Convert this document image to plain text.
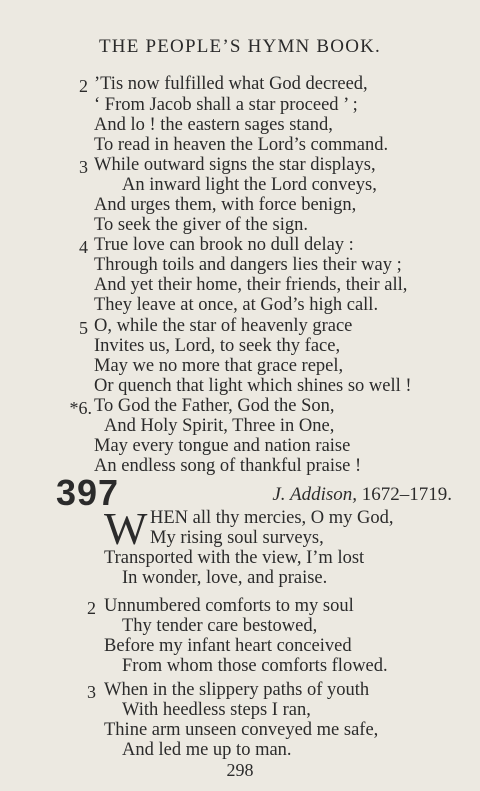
THE PEOPLE’S HYMN BOOK.
2 ’Tis now fulfilled what God decreed,
‘ From Jacob shall a star proceed ’ ;
And lo ! the eastern sages stand,
To read in heaven the Lord’s command.
3 While outward signs the star displays,
An inward light the Lord conveys,
And urges them, with force benign,
To seek the giver of the sign.
4 True love can brook no dull delay :
Through toils and dangers lies their way ;
And yet their home, their friends, their all,
They leave at once, at God’s high call.
5 O, while the star of heavenly grace
Invites us, Lord, to seek thy face,
May we no more that grace repel,
Or quench that light which shines so well !
*6. To God the Father, God the Son,
And Holy Spirit, Three in One,
May every tongue and nation raise
An endless song of thankful praise !
397	J. Addison, 1672–1719.
W HEN all thy mercies, O my God,
My rising soul surveys,
Transported with the view, I’m lost
In wonder, love, and praise.
2 Unnumbered comforts to my soul
Thy tender care bestowed,
Before my infant heart conceived
From whom those comforts flowed.
3 When in the slippery paths of youth
With heedless steps I ran,
Thine arm unseen conveyed me safe,
And led me up to man.
298
